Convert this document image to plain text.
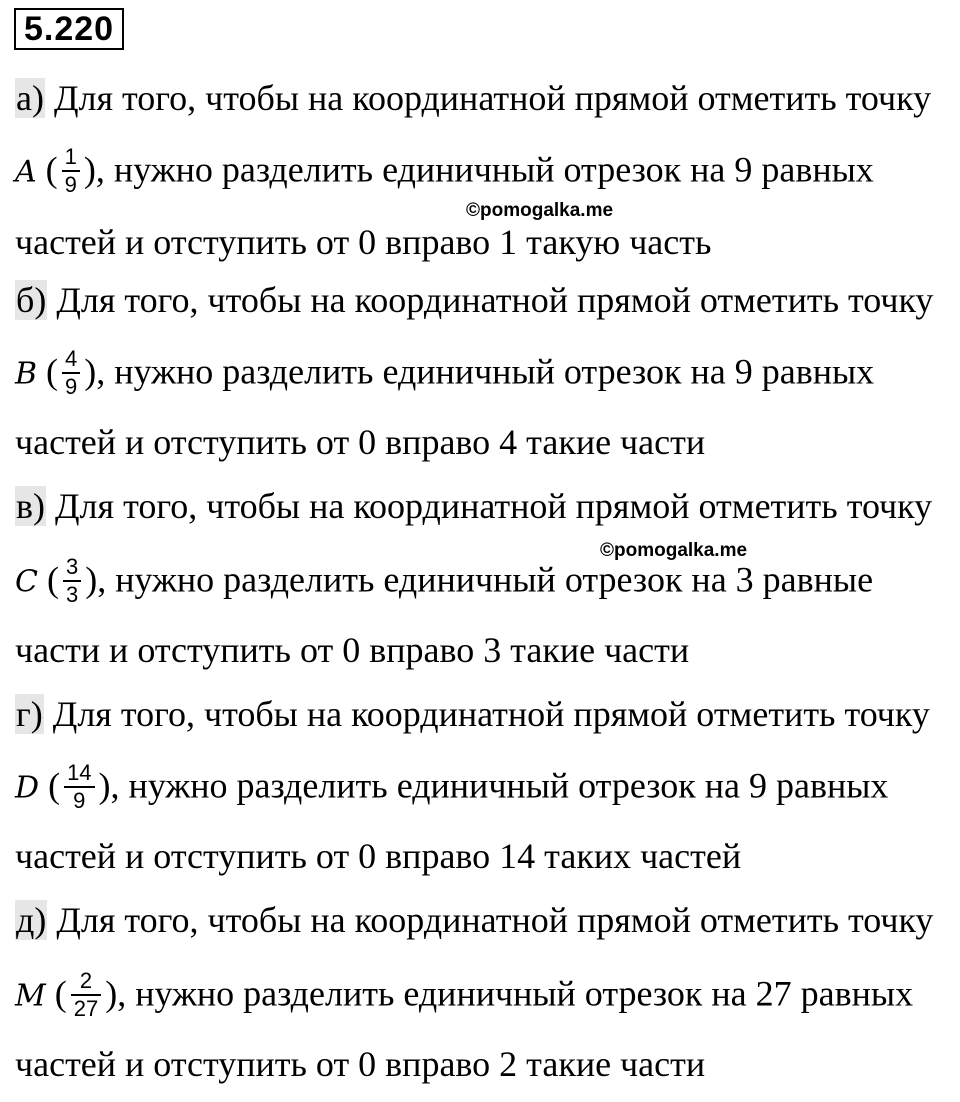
5.220
а) Для того, чтобы на координатной прямой отметить точку
A ( $\frac{1}{9}$ ), нужно разделить единичный отрезок на 9 равных
частей и отступить от 0 вправо 1 такую часть
б) Для того, чтобы на координатной прямой отметить точку
B ( $\frac{4}{9}$ ), нужно разделить единичный отрезок на 9 равных
частей и отступить от 0 вправо 4 такие части
в) Для того, чтобы на координатной прямой отметить точку
C ( $\frac{3}{3}$ ), нужно разделить единичный отрезок на 3 равные
части и отступить от 0 вправо 3 такие части
г) Для того, чтобы на координатной прямой отметить точку
D ( $\frac{14}{9}$ ), нужно разделить единичный отрезок на 9 равных
частей и отступить от 0 вправо 14 таких частей
д) Для того, чтобы на координатной прямой отметить точку
M ( $\frac{2}{27}$ ), нужно разделить единичный отрезок на 27 равных
частей и отступить от 0 вправо 2 такие части
©pomogalka.me
©pomogalka.me
